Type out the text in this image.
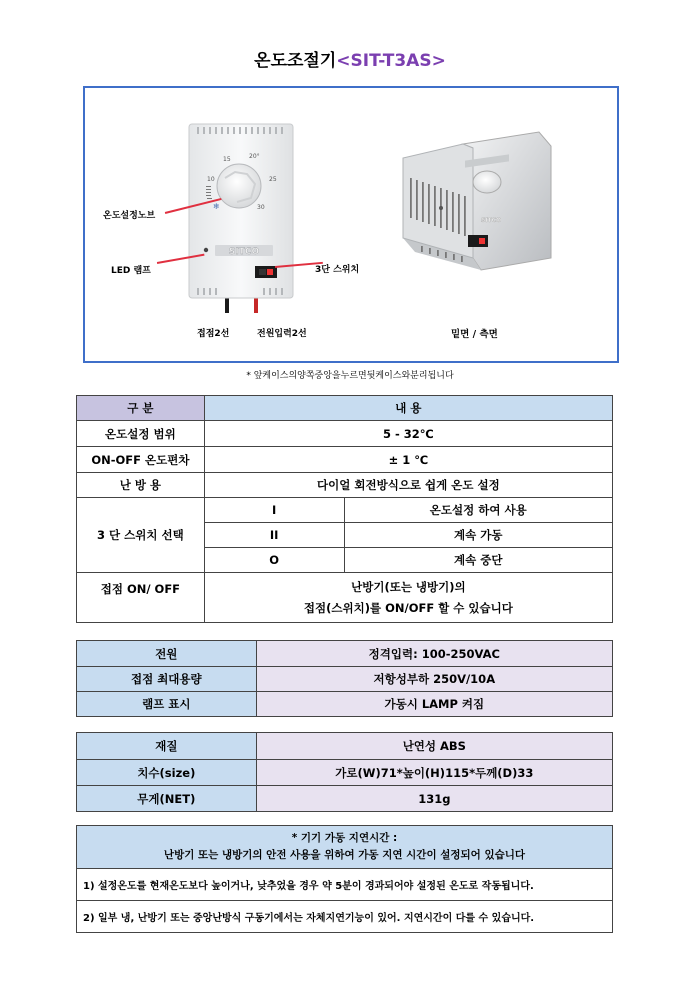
온도조절기<SIT-T3AS>
15	20°
25
10
30
❄
SITCO
SITCO
온도설정노브
LED 램프	3단 스위치
접점2선	전원입력2선	밑면 / 측면
* 앞케이스의양쪽중앙을누르면뒷케이스와분리됩니다
구 분	내 용	
온도설정 범위	5 - 32℃	
ON-OFF 온도편차	± 1 ℃	
난 방 용	다이얼 회전방식으로 쉽게 온도 설정	
3 단 스위치 선택	I	온도설정 하여 사용
	II	계속 가동
	O	계속 중단
접점 ON/ OFF	난방기(또는 냉방기)의
접점(스위치)를 ON/OFF 할 수 있습니다	
전원	정격입력: 100-250VAC
접점 최대용량	저항성부하 250V/10A
램프 표시	가동시 LAMP 켜짐
재질	난연성 ABS
치수(size)	가로(W)71*높이(H)115*두께(D)33
무게(NET)	131g
* 기기 가동 지연시간 :
난방기 또는 냉방기의 안전 사용을 위하여 가동 지연 시간이 설정되어 있습니다

1) 설정온도를 현재온도보다 높이거나, 낮추었을 경우 약 5분이 경과되어야 설정된 온도로 작동됩니다.
2) 일부 냉, 난방기 또는 중앙난방식 구동기에서는 자체지연기능이 있어. 지연시간이 다를 수 있습니다.
